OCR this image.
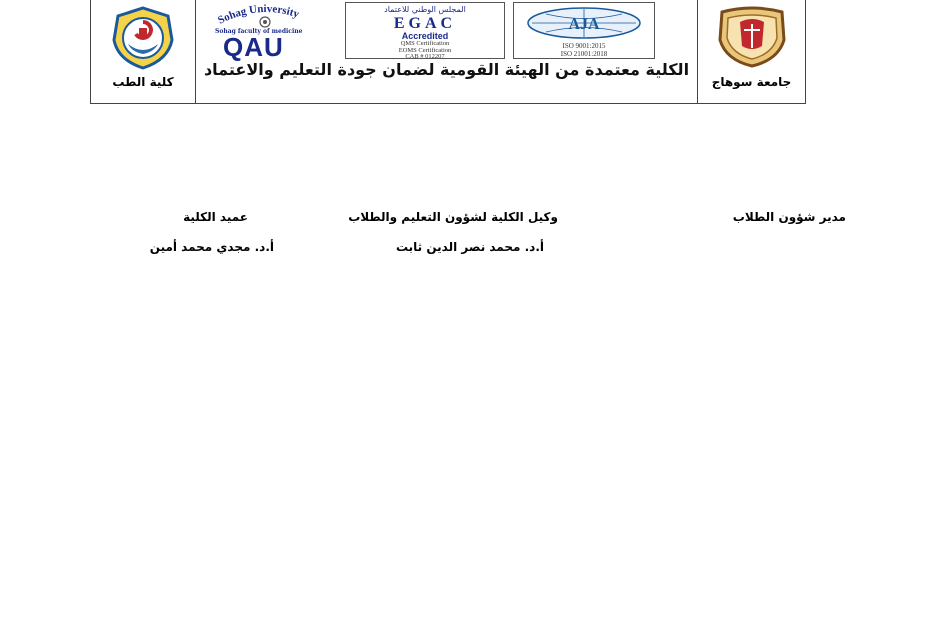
كلية الطب
Sohag University
Sohag faculty of medicine
QAU
المجلس الوطني للاعتماد
EGAC
Accredited
QMS Certification
EOMS Certification
CAB # 012207
AJA
ISO 9001:2015
ISO 21001:2018
الكلية معتمدة من الهيئة القومية لضمان جودة التعليم والاعتماد
جامعة سوهاج
مدير شؤون الطلاب
وكيل الكلية لشؤون التعليم والطلاب
عميد الكلية
أ.د. محمد نصر الدين ثابت
أ.د. مجدي محمد أمين
